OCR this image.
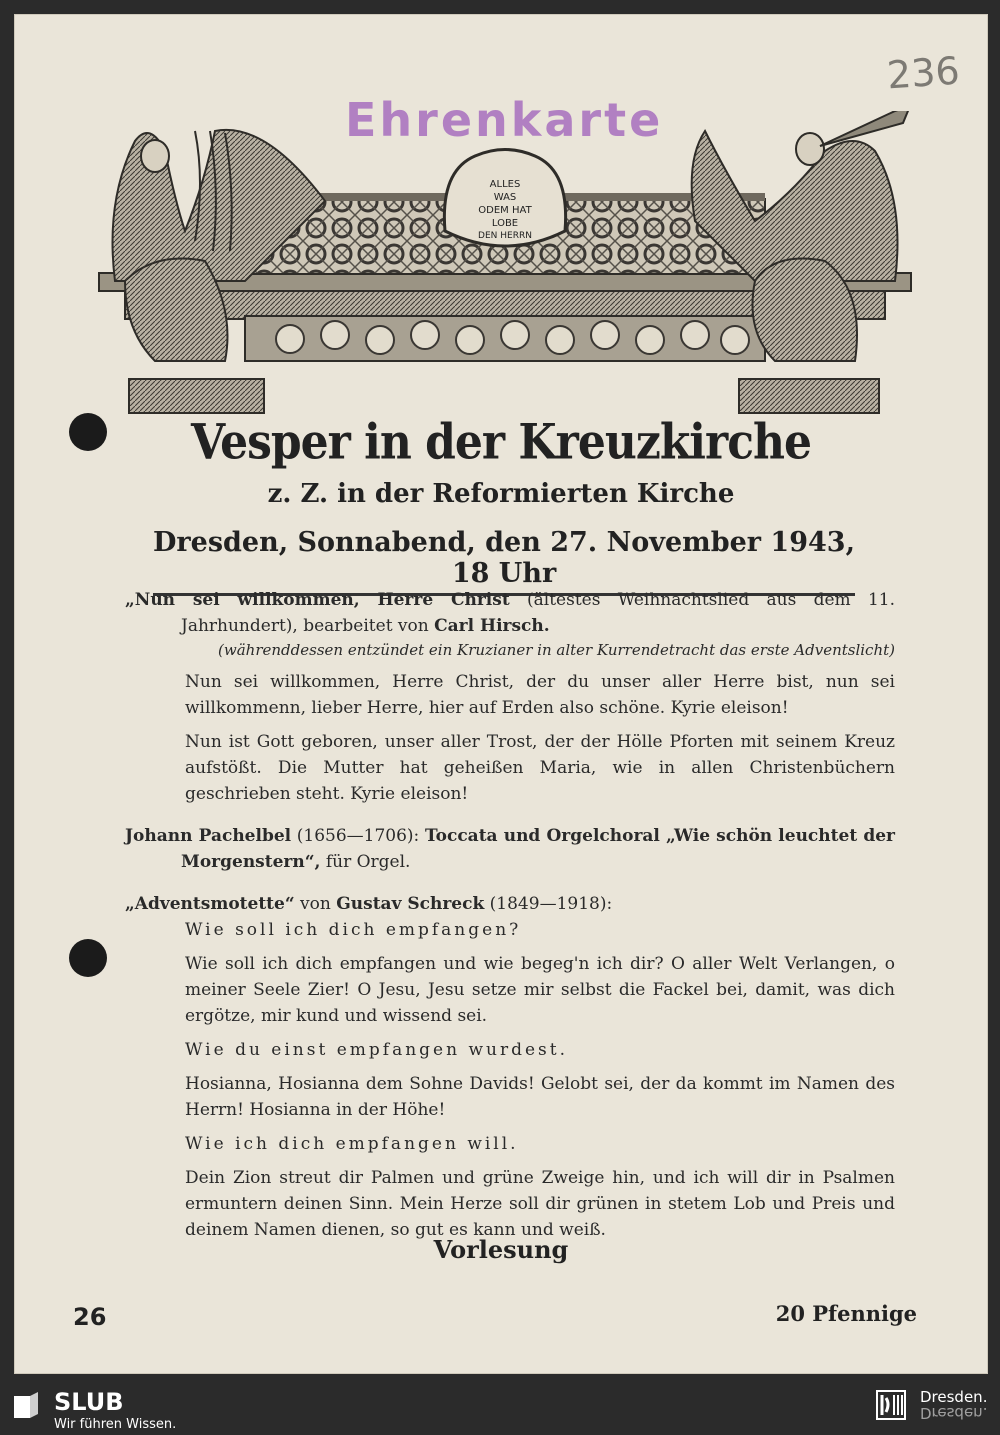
Ehrenkarte
236
ALLES
WAS
ODEM HAT
LOBE
DEN HERRN
Vesper in der Kreuzkirche
z. Z. in der Reformierten Kirche
Dresden, Sonnabend, den 27. November 1943, 18 Uhr

„Nun sei willkommen, Herre Christ (ältestes Weihnachtslied aus dem 11. Jahrhundert), bearbeitet von Carl Hirsch.

(währenddessen entzündet ein Kruzianer in alter Kurrendetracht das erste Adventslicht)

Nun sei willkommen, Herre Christ, der du unser aller Herre bist, nun sei willkommenn, lieber Herre, hier auf Erden also schöne. Kyrie eleison!

Nun ist Gott geboren, unser aller Trost, der der Hölle Pforten mit seinem Kreuz aufstößt. Die Mutter hat geheißen Maria, wie in allen Christenbüchern geschrieben steht. Kyrie eleison!

Johann Pachelbel (1656—1706): Toccata und Orgelchoral „Wie schön leuchtet der Morgenstern“, für Orgel.

„Adventsmotette“ von Gustav Schreck (1849—1918):

Wie soll ich dich empfangen?

Wie soll ich dich empfangen und wie begeg'n ich dir? O aller Welt Verlangen, o meiner Seele Zier! O Jesu, Jesu setze mir selbst die Fackel bei, damit, was dich ergötze, mir kund und wissend sei.

Wie du einst empfangen wurdest.

Hosianna, Hosianna dem Sohne Davids! Gelobt sei, der da kommt im Namen des Herrn! Hosianna in der Höhe!

Wie ich dich empfangen will.

Dein Zion streut dir Palmen und grüne Zweige hin, und ich will dir in Psalmen ermuntern deinen Sinn. Mein Herze soll dir grünen in stetem Lob und Preis und deinem Namen dienen, so gut es kann und weiß.

Vorlesung
26	20 Pfennige
SLUB
Wir führen Wissen.
Dresden.
Dresden.
